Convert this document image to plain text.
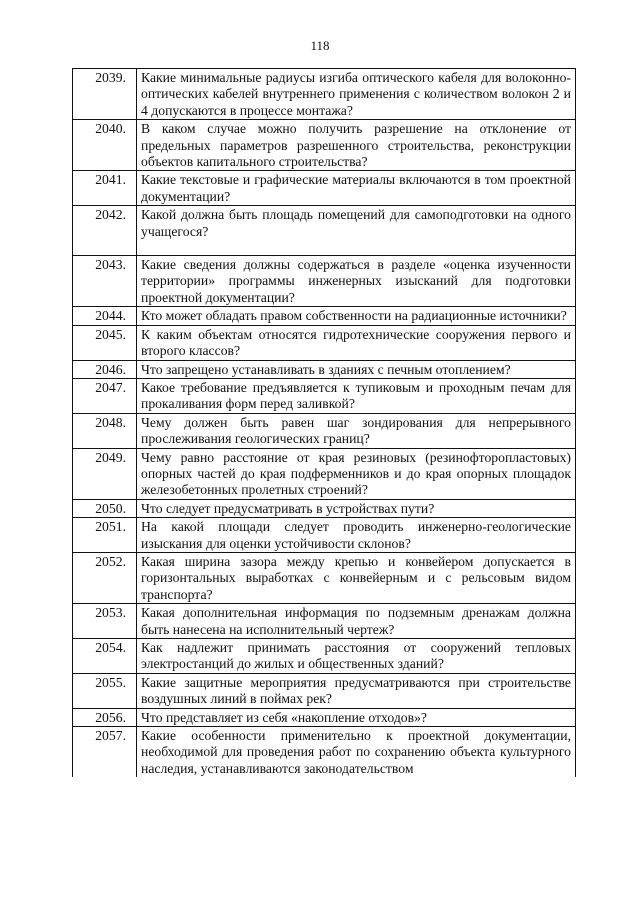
118
2039.	Какие минимальные радиусы изгиба оптического кабеля для волоконно-оптических кабелей внутреннего применения с количеством волокон 2 и 4 допускаются в процессе монтажа?
2040.	В каком случае можно получить разрешение на отклонение от предельных параметров разрешенного строительства, реконструкции объектов капитального строительства?
2041.	Какие текстовые и графические материалы включаются в том проектной документации?
2042.	Какой должна быть площадь помещений для самоподготовки на одного учащегося?
2043.	Какие сведения должны содержаться в разделе «оценка изученности территории» программы инженерных изысканий для подготовки проектной документации?
2044.	Кто может обладать правом собственности на радиационные источники?
2045.	К каким объектам относятся гидротехнические сооружения первого и второго классов?
2046.	Что запрещено устанавливать в зданиях с печным отоплением?
2047.	Какое требование предъявляется к тупиковым и проходным печам для прокаливания форм перед заливкой?
2048.	Чему должен быть равен шаг зондирования для непрерывного прослеживания геологических границ?
2049.	Чему равно расстояние от края резиновых (резинофторопластовых) опорных частей до края подферменников и до края опорных площадок железобетонных пролетных строений?
2050.	Что следует предусматривать в устройствах пути?
2051.	На какой площади следует проводить инженерно-геологические изыскания для оценки устойчивости склонов?
2052.	Какая ширина зазора между крепью и конвейером допускается в горизонтальных выработках с конвейерным и с рельсовым видом транспорта?
2053.	Какая дополнительная информация по подземным дренажам должна быть нанесена на исполнительный чертеж?
2054.	Как надлежит принимать расстояния от сооружений тепловых электростанций до жилых и общественных зданий?
2055.	Какие защитные мероприятия предусматриваются при строительстве воздушных линий в поймах рек?
2056.	Что представляет из себя «накопление отходов»?
2057.	Какие особенности применительно к проектной документации, необходимой для проведения работ по сохранению объекта культурного наследия, устанавливаются законодательством
